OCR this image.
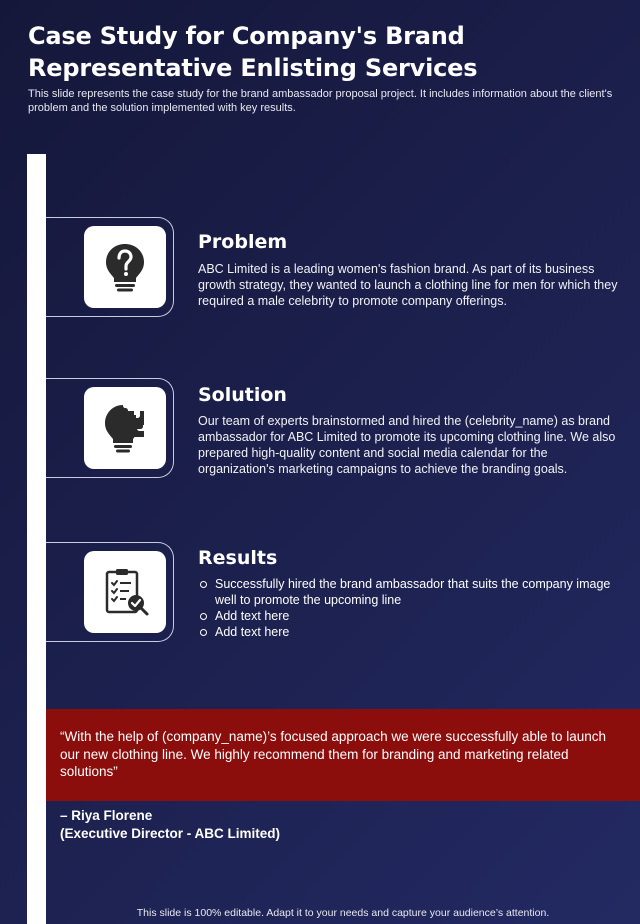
Case Study for Company's Brand Representative Enlisting Services
This slide represents the case study for the brand ambassador proposal project. It includes information about the client's problem and the solution implemented with key results.
Problem
ABC Limited is a leading women's fashion brand. As part of its business growth strategy, they wanted to launch a clothing line for men for which they required a male celebrity to promote company offerings.
Solution
Our team of experts brainstormed and hired the (celebrity_name) as brand ambassador for ABC Limited to promote its upcoming clothing line. We also prepared high-quality content and social media calendar for the organization's marketing campaigns to achieve the branding goals.
Results
Successfully hired the brand ambassador that suits the company image well to promote the upcoming line
Add text here
Add text here
“With the help of (company_name)’s focused approach we were successfully able to launch our new clothing line. We highly recommend them for branding and marketing related solutions”
– Riya Florene
(Executive Director - ABC Limited)
This slide is 100% editable. Adapt it to your needs and capture your audience’s attention.
